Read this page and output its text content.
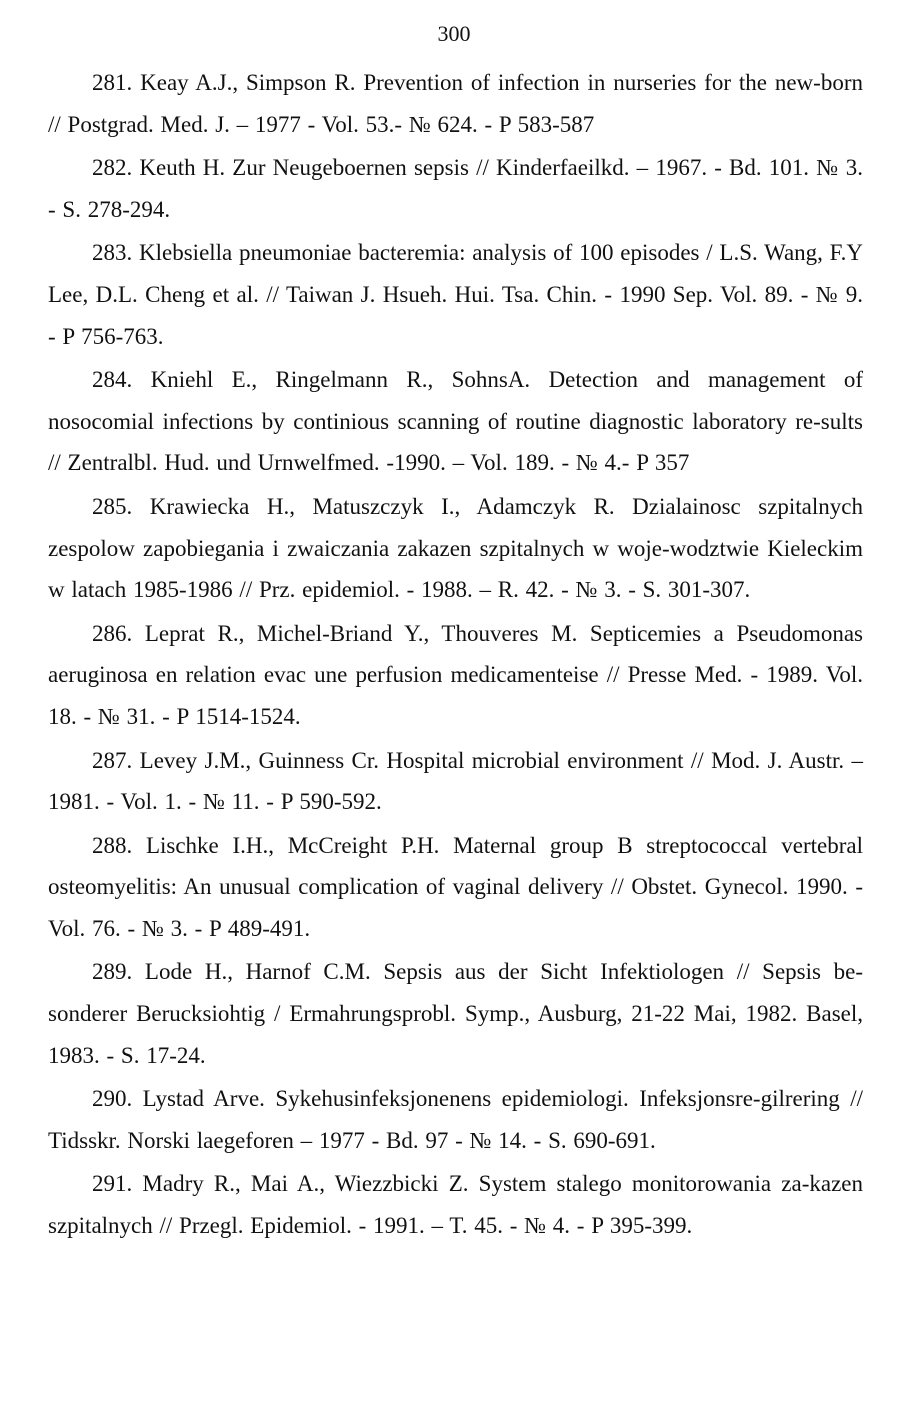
300

281. Keay A.J., Simpson R. Prevention of infection in nurseries for the new-born // Postgrad. Med. J. – 1977 - Vol. 53.- № 624. - P 583-587

282. Keuth H. Zur Neugeboernen sepsis // Kinderfaeilkd. – 1967. - Bd. 101. № 3. - S. 278-294.

283. Klebsiella pneumoniae bacteremia: analysis of 100 episodes / L.S. Wang, F.Y Lee, D.L. Cheng et al. // Taiwan J. Hsueh. Hui. Tsa. Chin. - 1990 Sep. Vol. 89. - № 9. - P 756-763.

284. Kniehl E., Ringelmann R., SohnsA. Detection and management of nosocomial infections by continious scanning of routine diagnostic laboratory re-sults // Zentralbl. Hud. und Urnwelfmed. -1990. – Vol. 189. - № 4.- P 357

285. Krawiecka H., Matuszczyk I., Adamczyk R. Dzialainosc szpitalnych zespolow zapobiegania i zwaiczania zakazen szpitalnych w woje-wodztwie Kieleckim w latach 1985-1986 // Prz. epidemiol. - 1988. – R. 42. - № 3. - S. 301-307.

286. Leprat R., Michel-Briand Y., Thouveres M. Septicemies a Pseudomonas aeruginosa en relation evac une perfusion medicamenteise // Presse Med. - 1989. Vol. 18. - № 31. - P 1514-1524.

287. Levey J.M., Guinness Cr. Hospital microbial environment // Mod. J. Austr. – 1981. - Vol. 1. - № 11. - P 590-592.

288. Lischke I.H., McCreight P.H. Maternal group B streptococcal vertebral osteomyelitis: An unusual complication of vaginal delivery // Obstet. Gynecol. 1990. - Vol. 76. - № 3. - P 489-491.

289. Lode H., Harnof C.M. Sepsis aus der Sicht Infektiologen // Sepsis be-sonderer Berucksiohtig / Ermahrungsprobl. Symp., Ausburg, 21-22 Mai, 1982. Basel, 1983. - S. 17-24.

290. Lystad Arve. Sykehusinfeksjonenens epidemiologi. Infeksjonsre-gilrering // Tidsskr. Norski laegeforen – 1977 - Bd. 97 - № 14. - S. 690-691.

291. Madry R., Mai A., Wiezzbicki Z. System stalego monitorowania za-kazen szpitalnych // Przegl. Epidemiol. - 1991. – T. 45. - № 4. - P 395-399.
